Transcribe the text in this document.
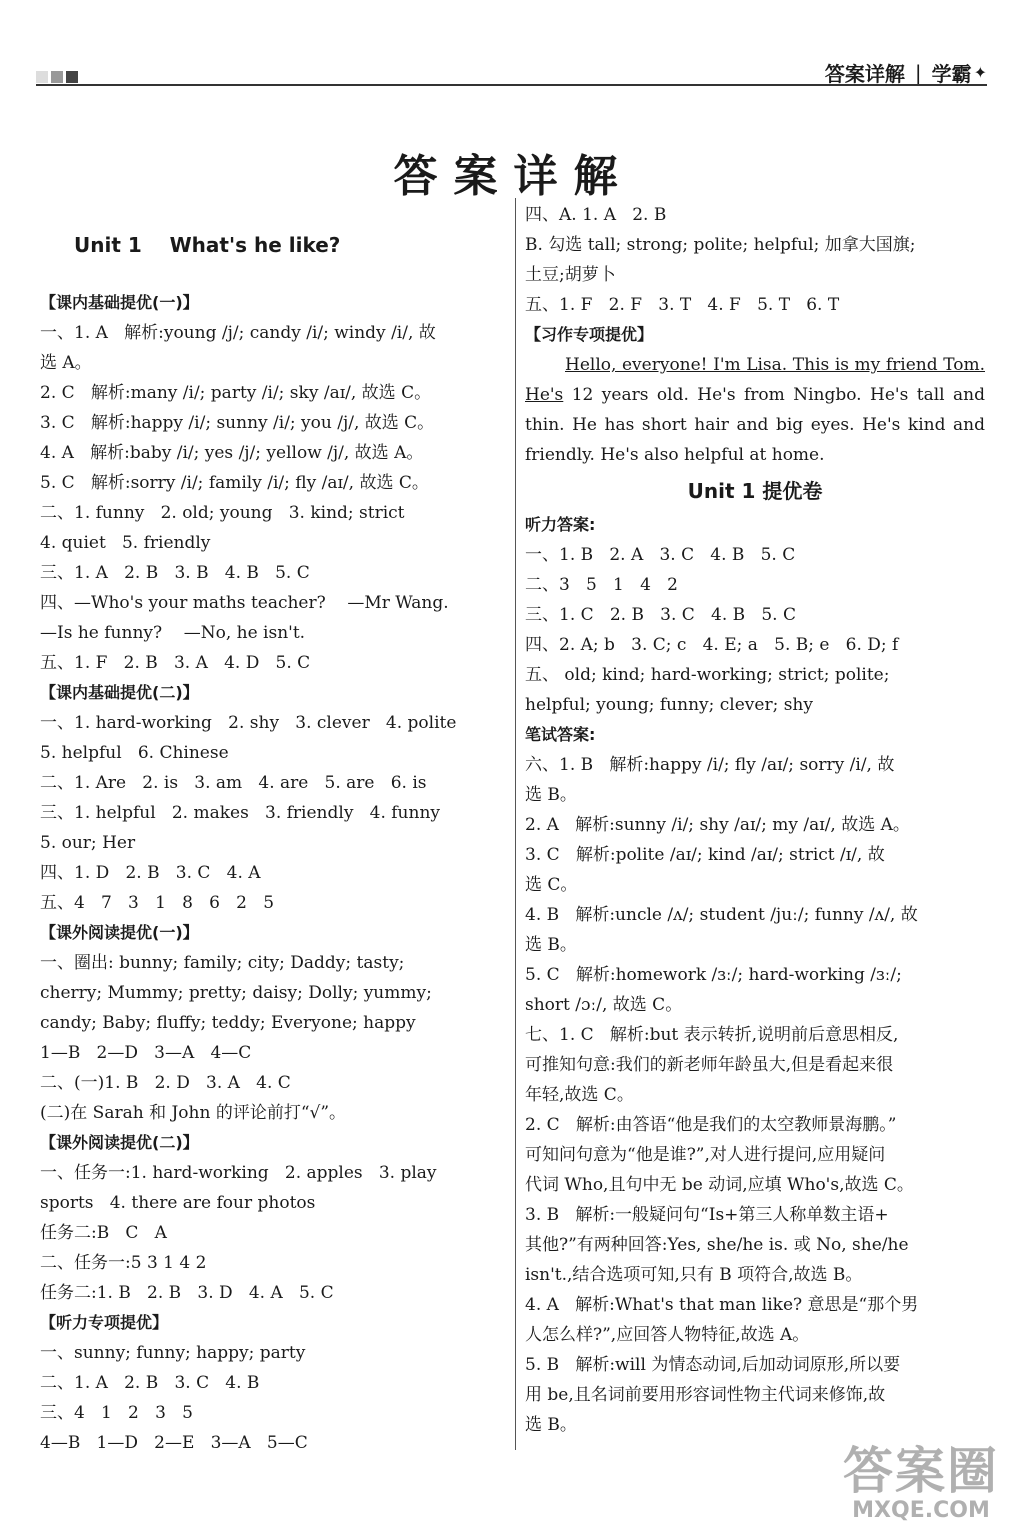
答案详解 | 学霸 ✦
答案详解
Unit 1    What's he like?
【课内基础提优(一)】
一、1. A   解析:young /j/; candy /i/; windy /i/, 故
选 A。
2. C   解析:many /i/; party /i/; sky /aɪ/, 故选 C。
3. C   解析:happy /i/; sunny /i/; you /j/, 故选 C。
4. A   解析:baby /i/; yes /j/; yellow /j/, 故选 A。
5. C   解析:sorry /i/; family /i/; fly /aɪ/, 故选 C。
二、1. funny   2. old; young   3. kind; strict
4. quiet   5. friendly
三、1. A   2. B   3. B   4. B   5. C
四、—Who's your maths teacher?    —Mr Wang.
—Is he funny?    —No, he isn't.
五、1. F   2. B   3. A   4. D   5. C
【课内基础提优(二)】
一、1. hard-working   2. shy   3. clever   4. polite
5. helpful   6. Chinese
二、1. Are   2. is   3. am   4. are   5. are   6. is
三、1. helpful   2. makes   3. friendly   4. funny
5. our; Her
四、1. D   2. B   3. C   4. A
五、4   7   3   1   8   6   2   5
【课外阅读提优(一)】
一、圈出: bunny; family; city; Daddy; tasty;
cherry; Mummy; pretty; daisy; Dolly; yummy;
candy; Baby; fluffy; teddy; Everyone; happy
1—B   2—D   3—A   4—C
二、(一)1. B   2. D   3. A   4. C
(二)在 Sarah 和 John 的评论前打“√”。
【课外阅读提优(二)】
一、任务一:1. hard-working   2. apples   3. play
sports   4. there are four photos
任务二:B   C   A
二、任务一:5 3 1 4 2
任务二:1. B   2. B   3. D   4. A   5. C
【听力专项提优】
一、sunny; funny; happy; party
二、1. A   2. B   3. C   4. B
三、4   1   2   3   5
4—B   1—D   2—E   3—A   5—C
四、A. 1. A   2. B
B. 勾选 tall; strong; polite; helpful; 加拿大国旗;
土豆;胡萝卜
五、1. F   2. F   3. T   4. F   5. T   6. T
【习作专项提优】

Hello, everyone! I'm Lisa. This is my friend Tom. He's 12 years old. He's from Ningbo. He's tall and thin. He has short hair and big eyes. He's kind and friendly. He's also helpful at home.

Unit 1 提优卷
听力答案:
一、1. B   2. A   3. C   4. B   5. C
二、3   5   1   4   2
三、1. C   2. B   3. C   4. B   5. C
四、2. A; b   3. C; c   4. E; a   5. B; e   6. D; f
五、 old; kind; hard-working; strict; polite;
helpful; young; funny; clever; shy
笔试答案:
六、1. B   解析:happy /i/; fly /aɪ/; sorry /i/, 故
选 B。
2. A   解析:sunny /i/; shy /aɪ/; my /aɪ/, 故选 A。
3. C   解析:polite /aɪ/; kind /aɪ/; strict /ɪ/, 故
选 C。
4. B   解析:uncle /ʌ/; student /juː/; funny /ʌ/, 故
选 B。
5. C   解析:homework /ɜː/; hard-working /ɜː/;
short /ɔː/, 故选 C。
七、1. C   解析:but 表示转折,说明前后意思相反,
可推知句意:我们的新老师年龄虽大,但是看起来很
年轻,故选 C。
2. C   解析:由答语“他是我们的太空教师景海鹏。”
可知问句意为“他是谁?”,对人进行提问,应用疑问
代词 Who,且句中无 be 动词,应填 Who's,故选 C。
3. B   解析:一般疑问句“Is+第三人称单数主语+
其他?”有两种回答:Yes, she/he is. 或 No, she/he
isn't.,结合选项可知,只有 B 项符合,故选 B。
4. A   解析:What's that man like? 意思是“那个男
人怎么样?”,应回答人物特征,故选 A。
5. B   解析:will 为情态动词,后加动词原形,所以要
用 be,且名词前要用形容词性物主代词来修饰,故
选 B。
答案圈
MXQE.COM
